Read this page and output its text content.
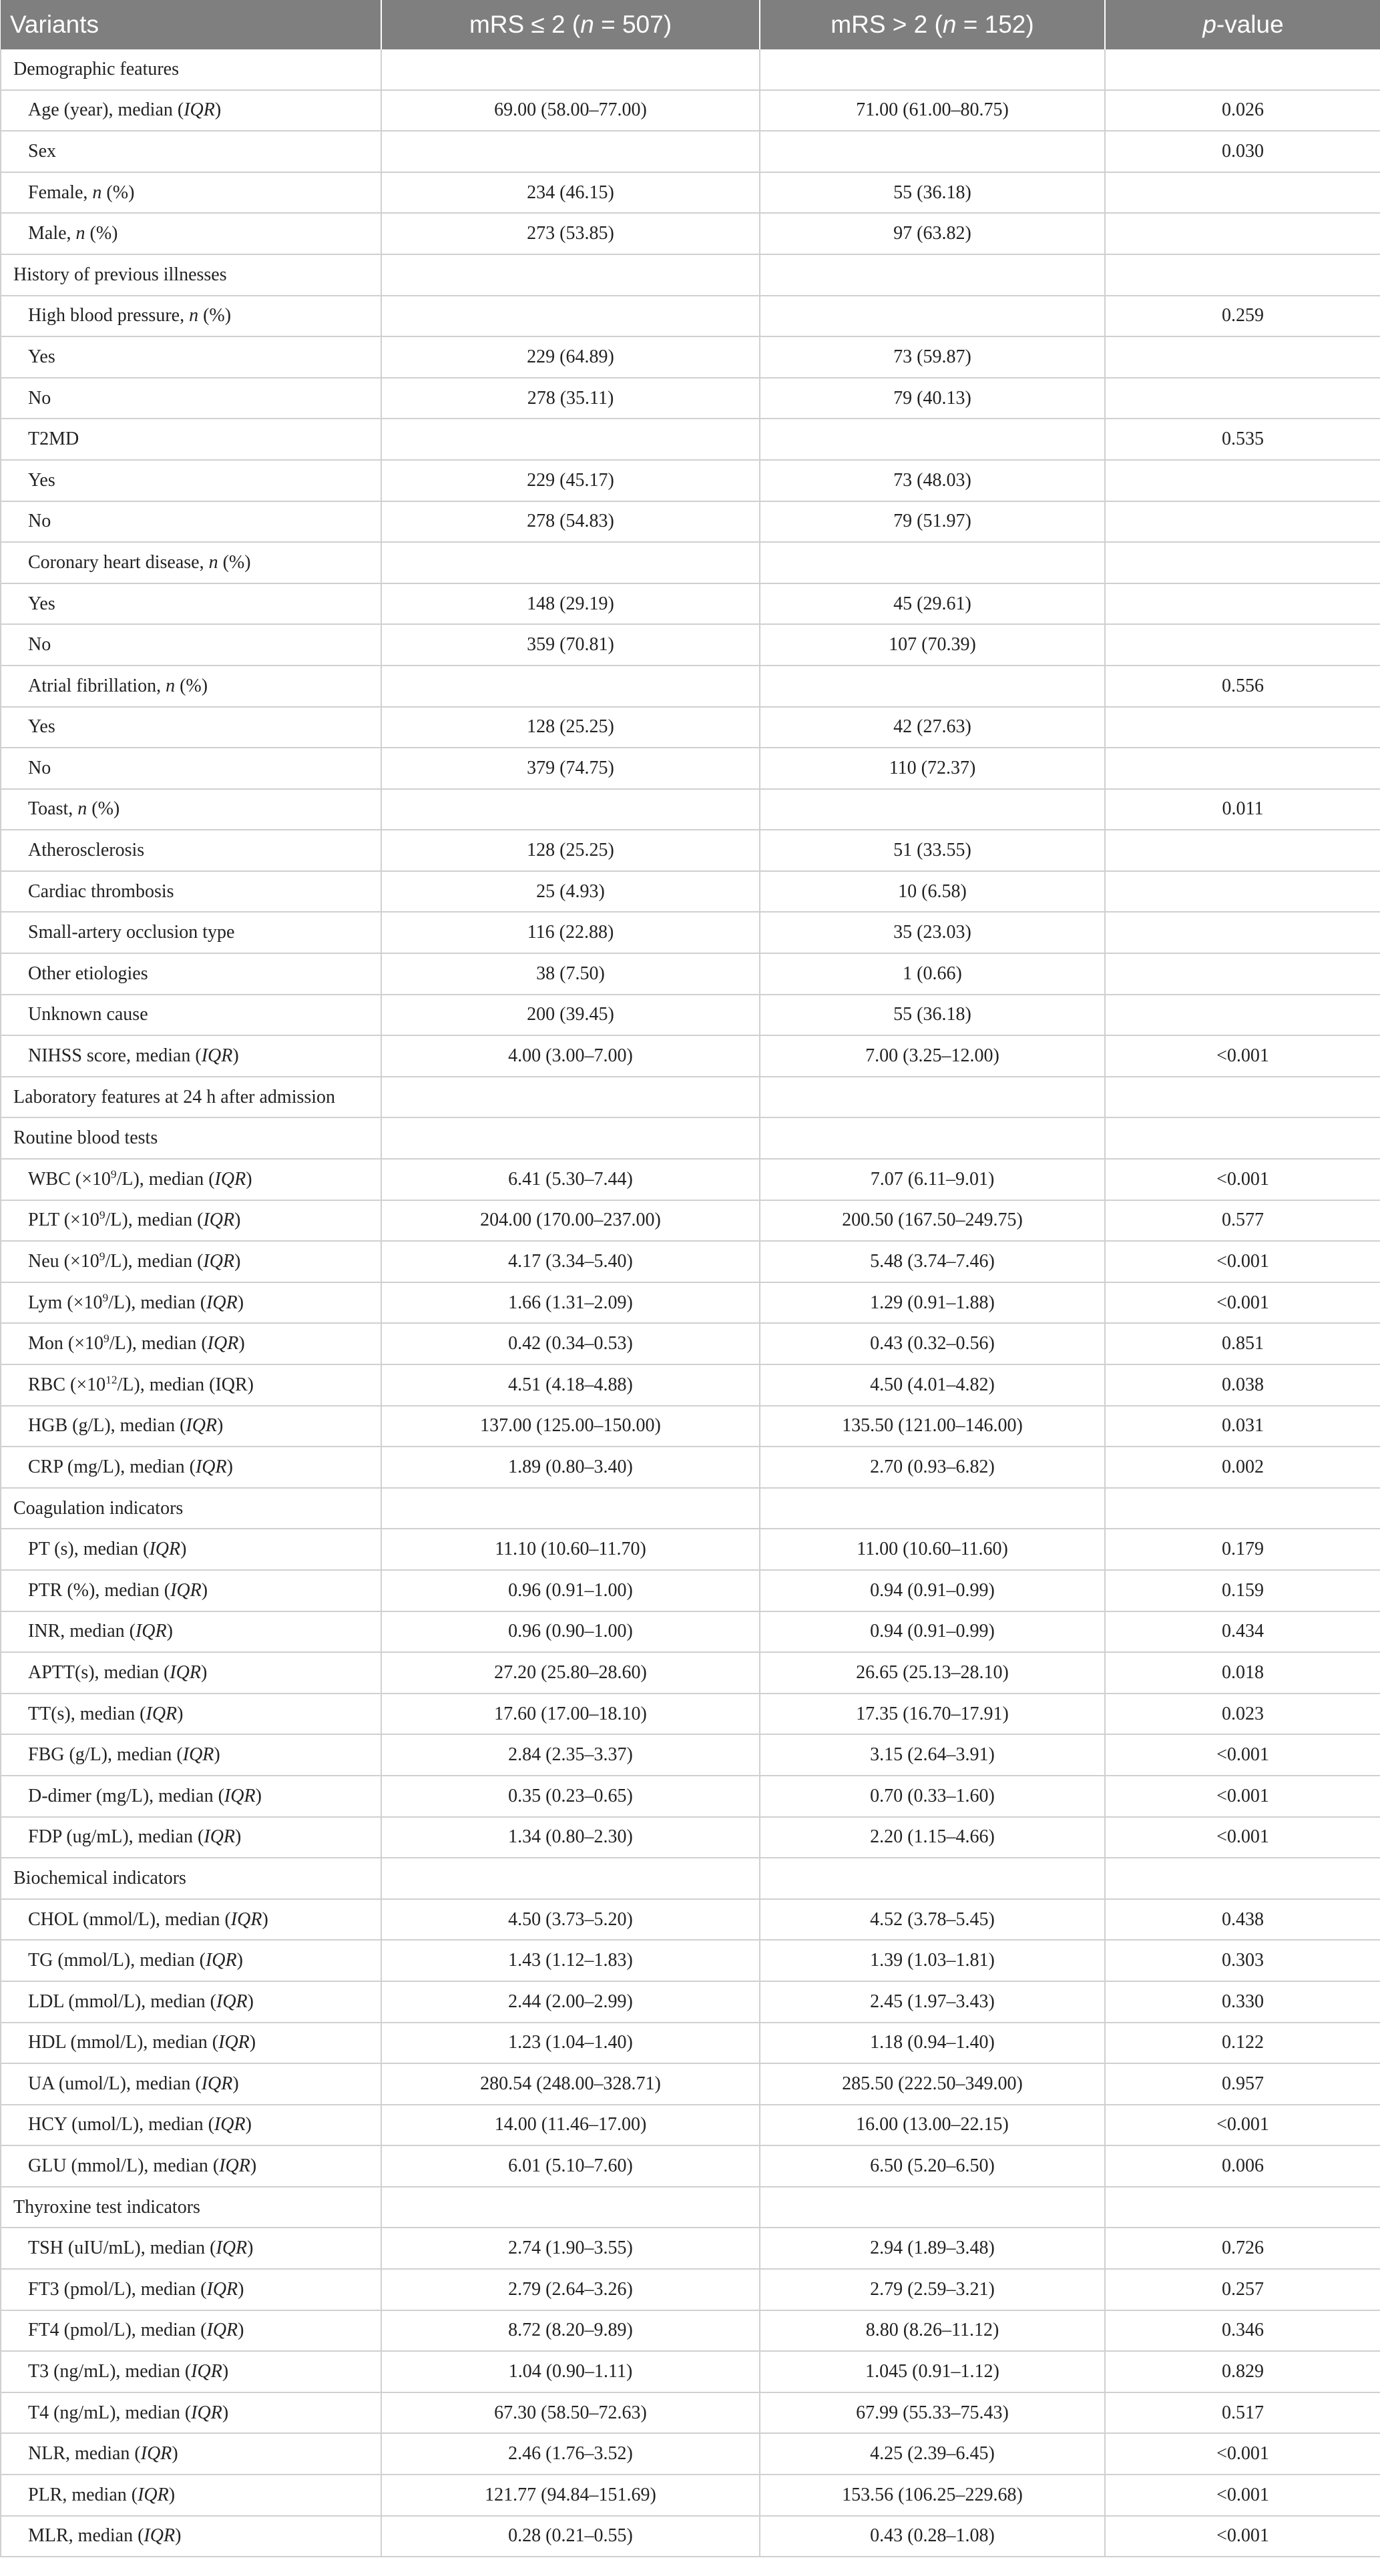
Variants	mRS ≤ 2 (n = 507)	mRS > 2 (n = 152)	p-value
Demographic features			
Age (year), median (IQR)	69.00 (58.00–77.00)	71.00 (61.00–80.75)	0.026
Sex			0.030
Female, n (%)	234 (46.15)	55 (36.18)	
Male, n (%)	273 (53.85)	97 (63.82)	
History of previous illnesses			
High blood pressure, n (%)			0.259
Yes	229 (64.89)	73 (59.87)	
No	278 (35.11)	79 (40.13)	
T2MD			0.535
Yes	229 (45.17)	73 (48.03)	
No	278 (54.83)	79 (51.97)	
Coronary heart disease, n (%)			
Yes	148 (29.19)	45 (29.61)	
No	359 (70.81)	107 (70.39)	
Atrial fibrillation, n (%)			0.556
Yes	128 (25.25)	42 (27.63)	
No	379 (74.75)	110 (72.37)	
Toast, n (%)			0.011
Atherosclerosis	128 (25.25)	51 (33.55)	
Cardiac thrombosis	25 (4.93)	10 (6.58)	
Small-artery occlusion type	116 (22.88)	35 (23.03)	
Other etiologies	38 (7.50)	1 (0.66)	
Unknown cause	200 (39.45)	55 (36.18)	
NIHSS score, median (IQR)	4.00 (3.00–7.00)	7.00 (3.25–12.00)	<0.001
Laboratory features at 24 h after admission			
Routine blood tests			
WBC $(\times 10^9/L)$, median (IQR)	6.41 (5.30–7.44)	7.07 (6.11–9.01)	<0.001
PLT $(\times 10^9/L)$, median (IQR)	204.00 (170.00–237.00)	200.50 (167.50–249.75)	0.577
Neu $(\times 10^9/L)$, median (IQR)	4.17 (3.34–5.40)	5.48 (3.74–7.46)	<0.001
Lym $(\times 10^9/L)$, median (IQR)	1.66 (1.31–2.09)	1.29 (0.91–1.88)	<0.001
Mon $(\times 10^9/L)$, median (IQR)	0.42 (0.34–0.53)	0.43 (0.32–0.56)	0.851
RBC $(\times 10^{12}/L)$, median (IQR)	4.51 (4.18–4.88)	4.50 (4.01–4.82)	0.038
HGB (g/L), median (IQR)	137.00 (125.00–150.00)	135.50 (121.00–146.00)	0.031
CRP (mg/L), median (IQR)	1.89 (0.80–3.40)	2.70 (0.93–6.82)	0.002
Coagulation indicators			
PT (s), median (IQR)	11.10 (10.60–11.70)	11.00 (10.60–11.60)	0.179
PTR (%), median (IQR)	0.96 (0.91–1.00)	0.94 (0.91–0.99)	0.159
INR, median (IQR)	0.96 (0.90–1.00)	0.94 (0.91–0.99)	0.434
APTT(s), median (IQR)	27.20 (25.80–28.60)	26.65 (25.13–28.10)	0.018
TT(s), median (IQR)	17.60 (17.00–18.10)	17.35 (16.70–17.91)	0.023
FBG (g/L), median (IQR)	2.84 (2.35–3.37)	3.15 (2.64–3.91)	<0.001
D-dimer (mg/L), median (IQR)	0.35 (0.23–0.65)	0.70 (0.33–1.60)	<0.001
FDP (ug/mL), median (IQR)	1.34 (0.80–2.30)	2.20 (1.15–4.66)	<0.001
Biochemical indicators			
CHOL (mmol/L), median (IQR)	4.50 (3.73–5.20)	4.52 (3.78–5.45)	0.438
TG (mmol/L), median (IQR)	1.43 (1.12–1.83)	1.39 (1.03–1.81)	0.303
LDL (mmol/L), median (IQR)	2.44 (2.00–2.99)	2.45 (1.97–3.43)	0.330
HDL (mmol/L), median (IQR)	1.23 (1.04–1.40)	1.18 (0.94–1.40)	0.122
UA (umol/L), median (IQR)	280.54 (248.00–328.71)	285.50 (222.50–349.00)	0.957
HCY (umol/L), median (IQR)	14.00 (11.46–17.00)	16.00 (13.00–22.15)	<0.001
GLU (mmol/L), median (IQR)	6.01 (5.10–7.60)	6.50 (5.20–6.50)	0.006
Thyroxine test indicators			
TSH (uIU/mL), median (IQR)	2.74 (1.90–3.55)	2.94 (1.89–3.48)	0.726
FT3 (pmol/L), median (IQR)	2.79 (2.64–3.26)	2.79 (2.59–3.21)	0.257
FT4 (pmol/L), median (IQR)	8.72 (8.20–9.89)	8.80 (8.26–11.12)	0.346
T3 (ng/mL), median (IQR)	1.04 (0.90–1.11)	1.045 (0.91–1.12)	0.829
T4 (ng/mL), median (IQR)	67.30 (58.50–72.63)	67.99 (55.33–75.43)	0.517
NLR, median (IQR)	2.46 (1.76–3.52)	4.25 (2.39–6.45)	<0.001
PLR, median (IQR)	121.77 (94.84–151.69)	153.56 (106.25–229.68)	<0.001
MLR, median (IQR)	0.28 (0.21–0.55)	0.43 (0.28–1.08)	<0.001
